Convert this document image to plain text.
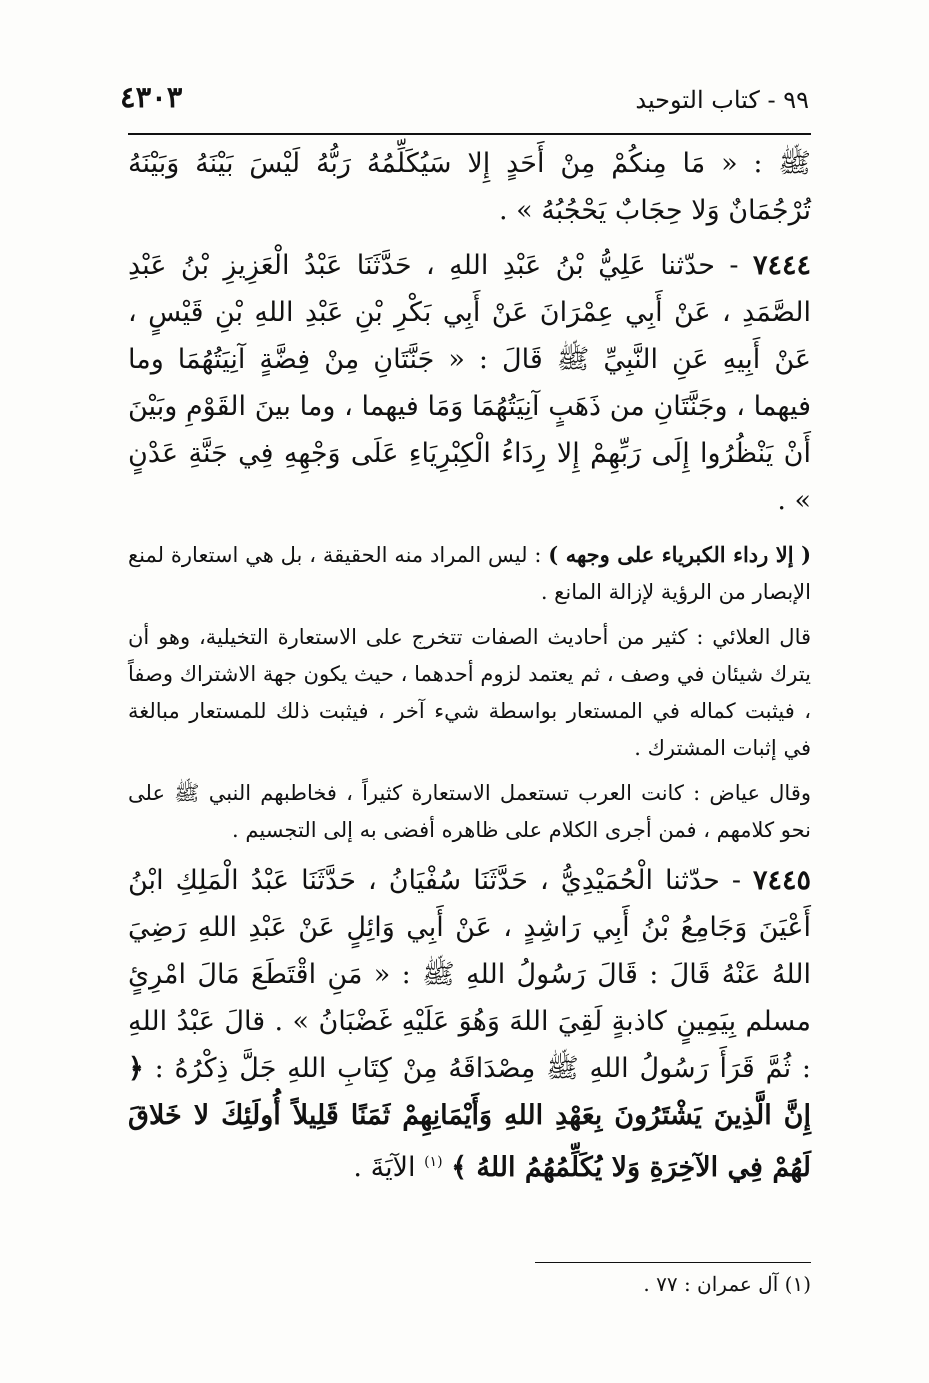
٩٩ - كتاب التوحيد
٤٣٠٣

ﷺ : « مَا مِنكُمْ مِنْ أَحَدٍ إِلا سَيُكَلِّمُهُ رَبُّهُ لَيْسَ بَيْنَهُ وَبَيْنَهُ تُرْجُمَانٌ وَلا حِجَابٌ يَحْجُبُهُ » .

٧٤٤٤ - حدّثنا عَلِيُّ بْنُ عَبْدِ اللهِ ، حَدَّثَنَا عَبْدُ الْعَزِيزِ بْنُ عَبْدِ الصَّمَدِ ، عَنْ أَبِي عِمْرَانَ عَنْ أَبِي بَكْرِ بْنِ عَبْدِ اللهِ بْنِ قَيْسٍ ، عَنْ أَبِيهِ عَنِ النَّبِيِّ ﷺ قَالَ : « جَنَّتَانِ مِنْ فِضَّةٍ آنِيَتُهُمَا وما فيهما ، وجَنَّتَانِ من ذَهَبٍ آنِيَتُهُمَا وَمَا فيهما ، وما بينَ القَوْمِ وبَيْنَ أَنْ يَنْظُرُوا إِلَى رَبِّهِمْ إِلا رِدَاءُ الْكِبْرِيَاءِ عَلَى وَجْهِهِ فِي جَنَّةِ عَدْنٍ » .

( إلا رداء الكبرياء على وجهه ) : ليس المراد منه الحقيقة ، بل هي استعارة لمنع الإبصار من الرؤية لإزالة المانع .

قال العلائي : كثير من أحاديث الصفات تتخرج على الاستعارة التخيلية، وهو أن يترك شيئان في وصف ، ثم يعتمد لزوم أحدهما ، حيث يكون جهة الاشتراك وصفاً ، فيثبت كماله في المستعار بواسطة شيء آخر ، فيثبت ذلك للمستعار مبالغة في إثبات المشترك .

وقال عياض : كانت العرب تستعمل الاستعارة كثيراً ، فخاطبهم النبي ﷺ على نحو كلامهم ، فمن أجرى الكلام على ظاهره أفضى به إلى التجسيم .

٧٤٤٥ - حدّثنا الْحُمَيْدِيُّ ، حَدَّثَنَا سُفْيَانُ ، حَدَّثَنَا عَبْدُ الْمَلِكِ ابْنُ أَعْيَنَ وَجَامِعُ بْنُ أَبِي رَاشِدٍ ، عَنْ أَبِي وَائِلٍ عَنْ عَبْدِ اللهِ رَضِيَ اللهُ عَنْهُ قَالَ : قَالَ رَسُولُ اللهِ ﷺ : « مَنِ اقْتَطَعَ مَالَ امْرِئٍ مسلم بِيَمِينٍ كاذبةٍ لَقِيَ اللهَ وَهُوَ عَلَيْهِ غَضْبَانُ » . قالَ عَبْدُ اللهِ : ثُمَّ قَرَأَ رَسُولُ اللهِ ﷺ مِصْدَاقَهُ مِنْ كِتَابِ اللهِ جَلَّ ذِكْرُهُ : ﴿ إِنَّ الَّذِينَ يَشْتَرُونَ بِعَهْدِ اللهِ وَأَيْمَانِهِمْ ثَمَنًا قَلِيلاً أُولَئِكَ لا خَلاقَ لَهُمْ فِي الآخِرَةِ وَلا يُكَلِّمُهُمُ اللهُ ﴾ $^{(١)}$ الآيَةَ .

(١) آل عمران : ٧٧ .
